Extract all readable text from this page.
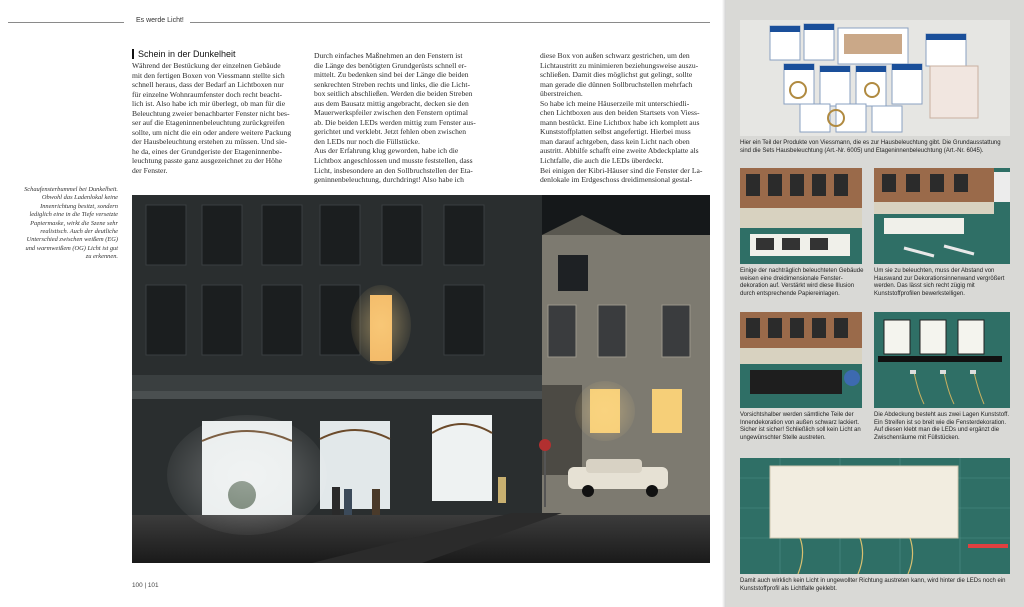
Es werde Licht!
Schein in der Dunkelheit
Während der Bestückung der einzelnen Gebäude
mit den fertigen Boxen von Viessmann stellte sich
schnell heraus, dass der Bedarf an Lichtboxen nur
für einzelne Wohnraumfenster doch recht beacht-
lich ist. Also habe ich mir überlegt, ob man für die
Beleuchtung zweier benachbarter Fenster nicht bes-
ser auf die Etageninnenbeleuchtung zurückgreifen
sollte, um nicht die ein oder andere weitere Packung
der Hausbeleuchtung erstehen zu müssen. Und sie-
he da, eines der Grundgeriste der Etageninnenbe-
leuchtung passte ganz ausgezeichnet zu der Höhe
der Fenster.
Durch einfaches Maßnehmen an den Fenstern ist
die Länge des benötigten Grundgerüsts schnell er-
mittelt. Zu bedenken sind bei der Länge die beiden
senkrechten Streben rechts und links, die die Licht-
box seitlich abschließen. Werden die beiden Streben
aus dem Bausatz mittig angebracht, decken sie den
Mauerwerkspfeiler zwischen den Fenstern optimal
ab. Die beiden LEDs werden mittig zum Fenster aus-
gerichtet und verklebt. Jetzt fehlen oben zwischen
den LEDs nur noch die Füllstücke.
Aus der Erfahrung klug geworden, habe ich die
Lichtbox angeschlossen und musste feststellen, dass
Licht, insbesondere an den Sollbruchstellen der Eta-
geninnenbeleuchtung, durchdringt! Also habe ich
diese Box von außen schwarz gestrichen, um den
Lichtaustritt zu minimieren beziehungsweise auszu-
schließen. Damit dies möglichst gut gelingt, sollte
man gerade die dünnen Sollbruchstellen mehrfach
überstreichen.
So habe ich meine Häuserzeile mit unterschiedli-
chen Lichtboxen aus den beiden Startsets von Viess-
mann bestückt. Eine Lichtbox habe ich komplett aus
Kunststoffplatten selbst angefertigt. Hierbei muss
man darauf achtgeben, dass kein Licht nach oben
austritt. Abhilfe schafft eine zweite Abdeckplatte als
Lichtfalle, die auch die LEDs überdeckt.
Bei einigen der Kibri-Häuser sind die Fenster der La-
denlokale im Erdgeschoss dreidimensional gestal-
Schaufensterbummel bei Dunkelheit. Obwohl das Ladenlokal keine Innenrichtung besitzt, sondern lediglich eine in die Tiefe versetzte Papiermaske, wirkt die Szene sehr realistisch. Auch der deutliche Unterschied zwischen weißem (EG) und warmweißem (OG) Licht ist gut zu erkennen.
100 | 101
Hier ein Teil der Produkte von Viessmann, die es zur Hausbeleuchtung gibt. Die Grundausstattung sind die Sets Hausbeleuchtung (Art.-Nr. 6005) und Etageninnenbeleuchtung (Art.-Nr. 6045).
Einige der nachträglich beleuchteten Gebäude weisen eine dreidimensionale Fensterdekoration auf. Verstärkt wird diese Illusion durch entsprechende Papiereinlagen.
Um sie zu beleuchten, muss der Abstand von Hauswand zur Dekorationsinnenwand vergrößert werden. Das lässt sich recht zügig mit Kunststoffprofilen bewerkstelligen.
Vorsichtshalber werden sämtliche Teile der Innendekoration von außen schwarz lackiert. Sicher ist sicher! Schließlich soll kein Licht an ungewünschter Stelle austreten.
Die Abdeckung besteht aus zwei Lagen Kunststoff. Ein Streifen ist so breit wie die Fensterdekoration. Auf diesen klebt man die LEDs und ergänzt die Zwischenräume mit Füllstücken.
Damit auch wirklich kein Licht in ungewollter Richtung austreten kann, wird hinter die LEDs noch ein Kunststoffprofil als Lichtfalle geklebt.
